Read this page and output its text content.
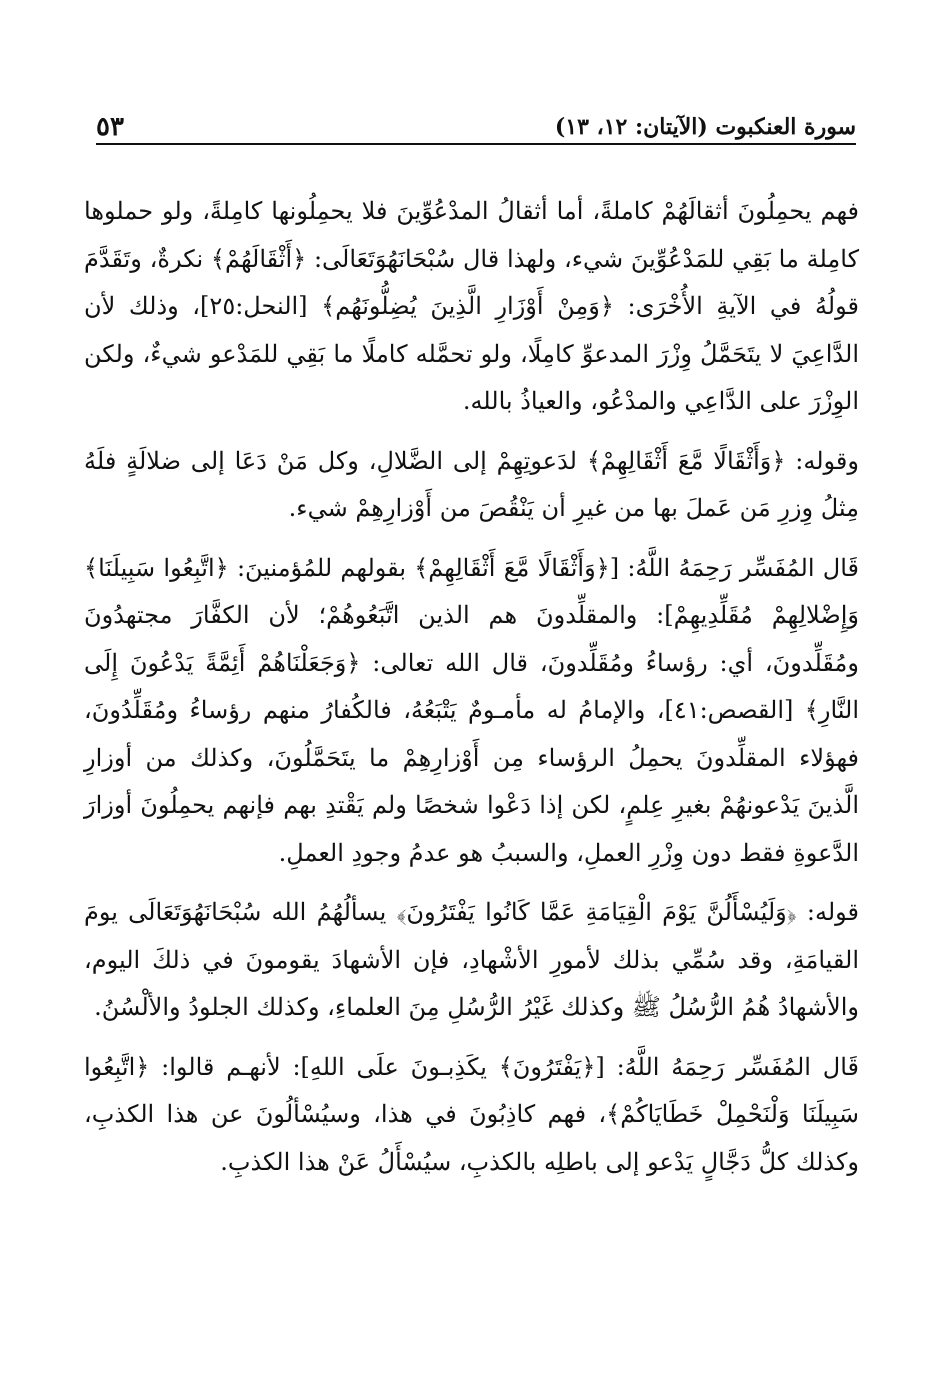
٥٣	سورة العنكبوت (الآيتان: ١٢، ١٣)

فهم يحمِلُونَ أثقالَهُمْ كاملةً، أما أثقالُ المدْعُوِّينَ فلا يحمِلُونها كامِلةً، ولو حملوها كامِلة ما بَقِي للمَدْعُوِّينَ شيء، ولهذا قال سُبْحَانَهُوَتَعَالَى: ﴿أَثْقَالَهُمْ﴾ نكرةٌ، وتَقَدَّمَ قولُهُ في الآيةِ الأُخْرَى: ﴿وَمِنْ أَوْزَارِ الَّذِينَ يُضِلُّونَهُم﴾ [النحل:٢٥]، وذلك لأن الدَّاعِيَ لا يتَحَمَّلُ وِزْرَ المدعوِّ كامِلًا، ولو تحمَّله كاملًا ما بَقِي للمَدْعو شيءٌ، ولكن الوِزْرَ على الدَّاعِي والمدْعُو، والعياذُ بالله.

وقوله: ﴿وَأَثْقَالًا مَّعَ أَثْقَالِهِمْ﴾ لدَعوتِهِمْ إلى الضَّلالِ، وكل مَنْ دَعَا إلى ضلالَةٍ فلَهُ مِثلُ وِزرِ مَن عَملَ بها من غيرِ أن يَنْقُصَ من أَوْزارِهِمْ شيء.

قَال المُفَسِّر رَحِمَهُ اللَّهُ: [﴿وَأَثْقَالًا مَّعَ أَثْقَالِهِمْ﴾ بقولهم للمُؤمنينَ: ﴿اتَّبِعُوا سَبِيلَنَا﴾ وَإِضْلالِهِمْ مُقَلِّدِيهِمْ]: والمقلِّدونَ هم الذين اتَّبَعُوهُمْ؛ لأن الكفَّارَ مجتهدُونَ ومُقَلِّدونَ، أي: رؤساءُ ومُقَلِّدونَ، قال الله تعالى: ﴿وَجَعَلْنَاهُمْ أَئِمَّةً يَدْعُونَ إِلَى النَّارِ﴾ [القصص:٤١]، والإمامُ له مأمـومٌ يَتْبَعُهُ، فالكُفارُ منهم رؤساءُ ومُقَلِّدُونَ، فهؤلاء المقلِّدونَ يحمِلُ الرؤساء مِن أَوْزارِهِمْ ما يتَحَمَّلُونَ، وكذلك من أوزارِ الَّذينَ يَدْعونهُمْ بغيرِ عِلمٍ، لكن إذا دَعْوا شخصًا ولم يَقْتدِ بهم فإنهم يحمِلُونَ أوزارَ الدَّعوةِ فقط دون وِزْرِ العملِ، والسببُ هو عدمُ وجودِ العملِ.

قوله: ﴿وَلَيُسْأَلُنَّ يَوْمَ الْقِيَامَةِ عَمَّا كَانُوا يَفْتَرُونَ﴾ يسألُهُمُ الله سُبْحَانَهُوَتَعَالَى يومَ القيامَةِ، وقد سُمِّي بذلك لأمورِ الأشْهادِ، فإن الأشهادَ يقومونَ في ذلكَ اليوم، والأشهادُ هُمُ الرُّسُلُ ﷺ وكذلك غَيْرُ الرُّسُلِ مِنَ العلماءِ، وكذلك الجلودُ والألْسُنُ.

قَال المُفَسِّر رَحِمَهُ اللَّهُ: [﴿يَفْتَرُونَ﴾ يكَذِبـونَ علَى اللهِ]: لأنهـم قالوا: ﴿اتَّبِعُوا سَبِيلَنَا وَلْنَحْمِلْ خَطَايَاكُمْ﴾، فهم كاذِبُونَ في هذا، وسيُسْألُونَ عن هذا الكذبِ، وكذلك كلُّ دَجَّالٍ يَدْعو إلى باطلِه بالكذبِ، سيُسْأَلُ عَنْ هذا الكذبِ.
